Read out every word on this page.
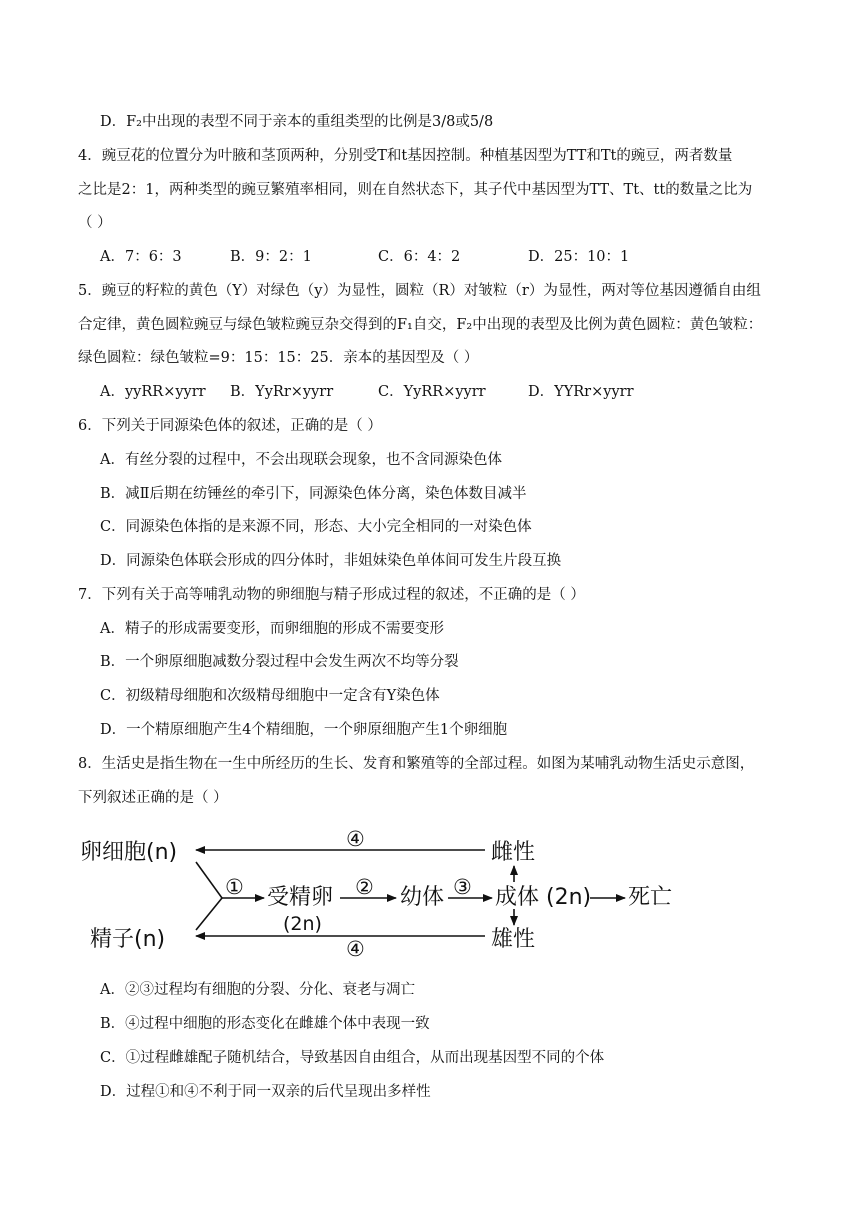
D．F₂中出现的表型不同于亲本的重组类型的比例是3/8或5/8
4．豌豆花的位置分为叶腋和茎顶两种，分别受T和t基因控制。种植基因型为TT和Tt的豌豆，两者数量
之比是2：1，两种类型的豌豆繁殖率相同，则在自然状态下，其子代中基因型为TT、Tt、tt的数量之比为
（ ）
A．7：6：3	B．9：2：1	C．6：4：2	D．25：10：1
5．豌豆的籽粒的黄色（Y）对绿色（y）为显性，圆粒（R）对皱粒（r）为显性，两对等位基因遵循自由组
合定律，黄色圆粒豌豆与绿色皱粒豌豆杂交得到的F₁自交，F₂中出现的表型及比例为黄色圆粒：黄色皱粒：
绿色圆粒：绿色皱粒=9：15：15：25．亲本的基因型及（ ）
A．yyRR×yyrr B．YyRr×yyrr	C．YyRR×yyrr	D．YYRr×yyrr
6．下列关于同源染色体的叙述，正确的是（ ）
A．有丝分裂的过程中，不会出现联会现象，也不含同源染色体
B．减Ⅱ后期在纺锤丝的牵引下，同源染色体分离，染色体数目减半
C．同源染色体指的是来源不同，形态、大小完全相同的一对染色体
D．同源染色体联会形成的四分体时，非姐妹染色单体间可发生片段互换
7．下列有关于高等哺乳动物的卵细胞与精子形成过程的叙述，不正确的是（ ）
A．精子的形成需要变形，而卵细胞的形成不需要变形
B．一个卵原细胞减数分裂过程中会发生两次不均等分裂
C．初级精母细胞和次级精母细胞中一定含有Y染色体
D．一个精原细胞产生4个精细胞，一个卵原细胞产生1个卵细胞
8．生活史是指生物在一生中所经历的生长、发育和繁殖等的全部过程。如图为某哺乳动物生活史示意图，
下列叙述正确的是（ ）
卵细胞(n)
精子(n)
受精卵
(2n)
幼体 成体 (2n) 死亡
雌性
雄性
①	②	③
④
④
A．②③过程均有细胞的分裂、分化、衰老与凋亡
B．④过程中细胞的形态变化在雌雄个体中表现一致
C．①过程雌雄配子随机结合，导致基因自由组合，从而出现基因型不同的个体
D．过程①和④不利于同一双亲的后代呈现出多样性
